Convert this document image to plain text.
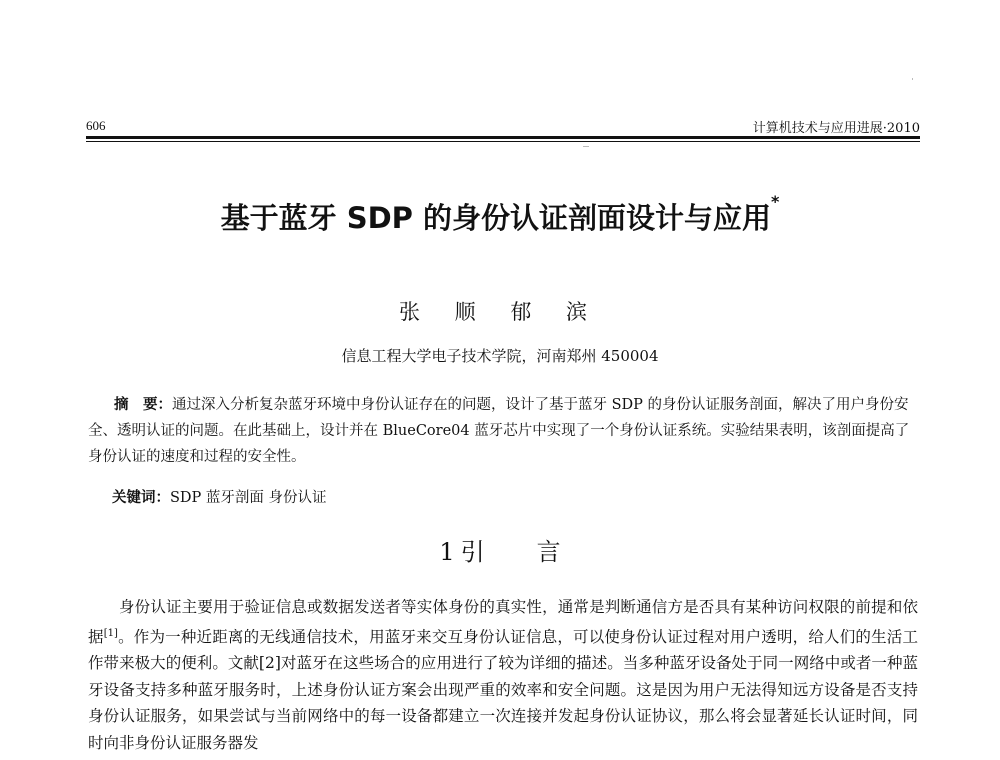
606	计算机技术与应用进展·2010
基于蓝牙 SDP 的身份认证剖面设计与应用*
张 顺 郁 滨
信息工程大学电子技术学院，河南郑州 450004
摘　要：通过深入分析复杂蓝牙环境中身份认证存在的问题，设计了基于蓝牙 SDP 的身份认证服务剖面，解决了用户身份安全、透明认证的问题。在此基础上，设计并在 BlueCore04 蓝牙芯片中实现了一个身份认证系统。实验结果表明，该剖面提高了身份认证的速度和过程的安全性。
关键词：SDP 蓝牙剖面 身份认证
1 引 言

身份认证主要用于验证信息或数据发送者等实体身份的真实性，通常是判断通信方是否具有某种访问权限的前提和依据[1]。作为一种近距离的无线通信技术，用蓝牙来交互身份认证信息，可以使身份认证过程对用户透明，给人们的生活工作带来极大的便利。文献[2]对蓝牙在这些场合的应用进行了较为详细的描述。当多种蓝牙设备处于同一网络中或者一种蓝牙设备支持多种蓝牙服务时，上述身份认证方案会出现严重的效率和安全问题。这是因为用户无法得知远方设备是否支持身份认证服务，如果尝试与当前网络中的每一设备都建立一次连接并发起身份认证协议，那么将会显著延长认证时间，同时向非身份认证服务器发
